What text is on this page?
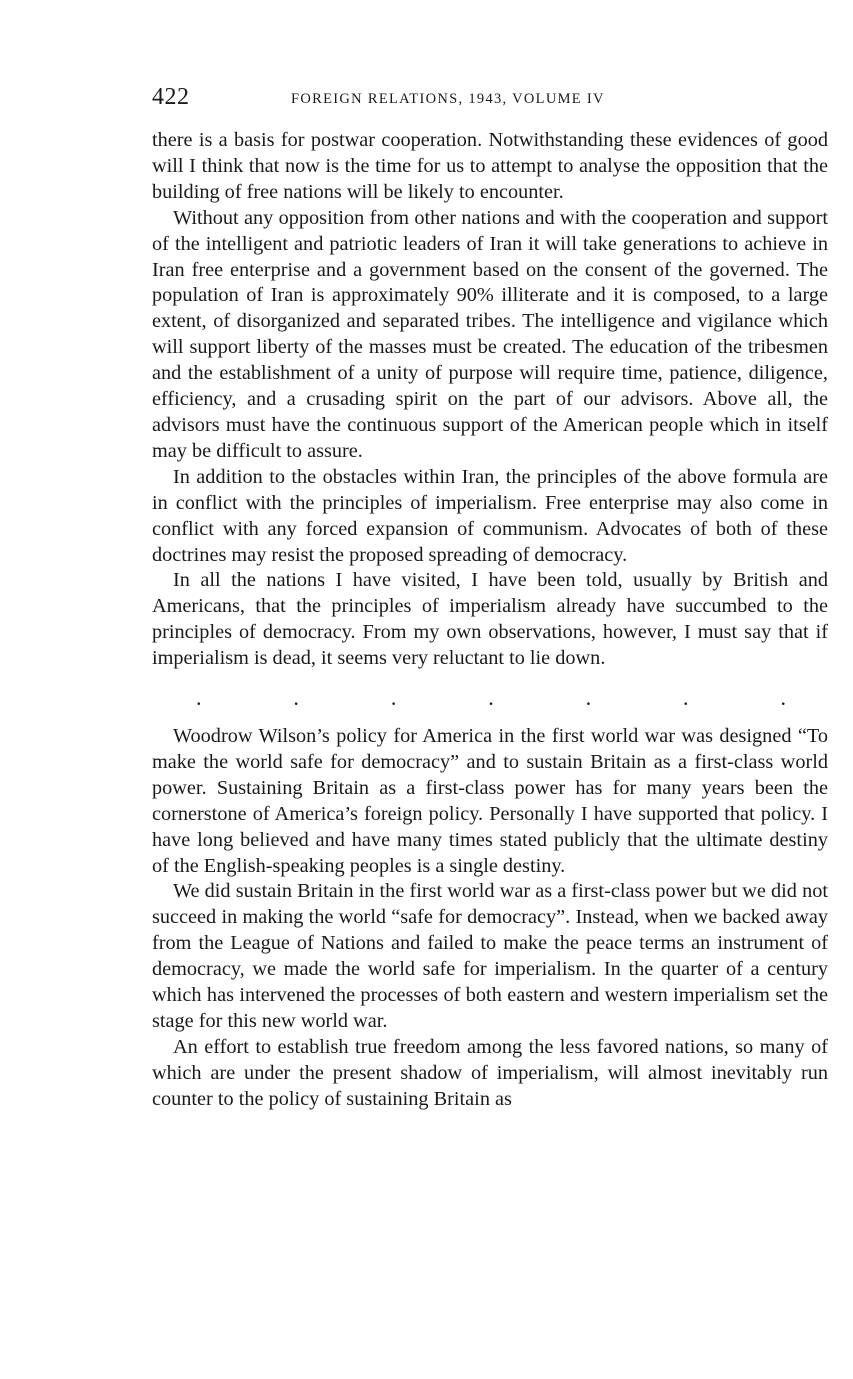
422	FOREIGN RELATIONS, 1943, VOLUME IV

there is a basis for postwar cooperation. Notwithstanding these evidences of good will I think that now is the time for us to attempt to analyse the opposition that the building of free nations will be likely to encounter.

Without any opposition from other nations and with the cooperation and support of the intelligent and patriotic leaders of Iran it will take generations to achieve in Iran free enterprise and a government based on the consent of the governed. The population of Iran is approximately 90% illiterate and it is composed, to a large extent, of disorganized and separated tribes. The intelligence and vigilance which will support liberty of the masses must be created. The education of the tribesmen and the establishment of a unity of purpose will require time, patience, diligence, efficiency, and a crusading spirit on the part of our advisors. Above all, the advisors must have the continuous support of the American people which in itself may be difficult to assure.

In addition to the obstacles within Iran, the principles of the above formula are in conflict with the principles of imperialism. Free enterprise may also come in conflict with any forced expansion of communism. Advocates of both of these doctrines may resist the proposed spreading of democracy.

In all the nations I have visited, I have been told, usually by British and Americans, that the principles of imperialism already have succumbed to the principles of democracy. From my own observations, however, I must say that if imperialism is dead, it seems very reluctant to lie down.

.	.	.	.	.	.	.

Woodrow Wilson’s policy for America in the first world war was designed “To make the world safe for democracy” and to sustain Britain as a first-class world power. Sustaining Britain as a first-class power has for many years been the cornerstone of America’s foreign policy. Personally I have supported that policy. I have long believed and have many times stated publicly that the ultimate destiny of the English-speaking peoples is a single destiny.

We did sustain Britain in the first world war as a first-class power but we did not succeed in making the world “safe for democracy”. Instead, when we backed away from the League of Nations and failed to make the peace terms an instrument of democracy, we made the world safe for imperialism. In the quarter of a century which has intervened the processes of both eastern and western imperialism set the stage for this new world war.

An effort to establish true freedom among the less favored nations, so many of which are under the present shadow of imperialism, will almost inevitably run counter to the policy of sustaining Britain as
